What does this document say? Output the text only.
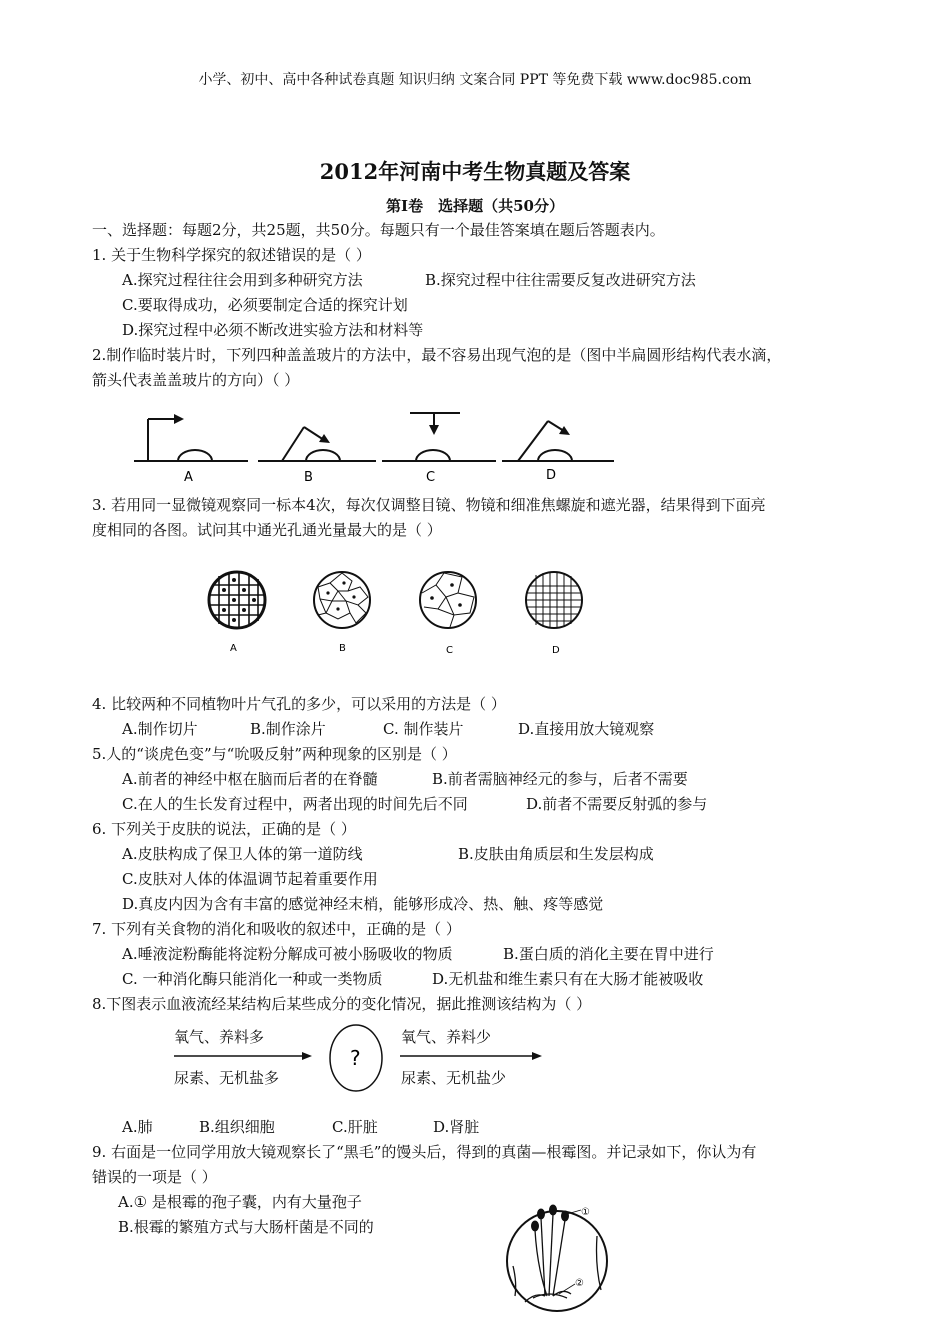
小学、初中、高中各种试卷真题 知识归纳 文案合同 PPT 等免费下载 www.doc985.com
2012年河南中考生物真题及答案
第Ⅰ卷　选择题（共50分）
一、选择题：每题2分，共25题，共50分。每题只有一个最佳答案填在题后答题表内。
1. 关于生物科学探究的叙述错误的是（ ）
A.探究过程往往会用到多种研究方法	B.探究过程中往往需要反复改进研究方法
C.要取得成功，必须要制定合适的探究计划
D.探究过程中必须不断改进实验方法和材料等
2.制作临时装片时，下列四种盖盖玻片的方法中，最不容易出现气泡的是（图中半扁圆形结构代表水滴，
箭头代表盖盖玻片的方向）（ ）
A	B	C	D
3. 若用同一显微镜观察同一标本4次，每次仅调整目镜、物镜和细准焦螺旋和遮光器，结果得到下面亮
度相同的各图。试问其中通光孔通光量最大的是（ ）
A	B	C	D
4. 比较两种不同植物叶片气孔的多少，可以采用的方法是（ ）
A.制作切片	B.制作涂片	C. 制作装片	D.直接用放大镜观察
5.人的“谈虎色变”与“吮吸反射”两种现象的区别是（ ）
A.前者的神经中枢在脑而后者的在脊髓	B.前者需脑神经元的参与，后者不需要
C.在人的生长发育过程中，两者出现的时间先后不同	D.前者不需要反射弧的参与
6. 下列关于皮肤的说法，正确的是（ ）
A.皮肤构成了保卫人体的第一道防线	B.皮肤由角质层和生发层构成
C.皮肤对人体的体温调节起着重要作用
D.真皮内因为含有丰富的感觉神经末梢，能够形成冷、热、触、疼等感觉
7. 下列有关食物的消化和吸收的叙述中，正确的是（ ）
A.唾液淀粉酶能将淀粉分解成可被小肠吸收的物质	B.蛋白质的消化主要在胃中进行
C. 一种消化酶只能消化一种或一类物质	D.无机盐和维生素只有在大肠才能被吸收
8.下图表示血液流经某结构后某些成分的变化情况，据此推测该结构为（ ）
氧气、养料多
尿素、无机盐多
氧气、养料少
尿素、无机盐少
?
A.肺	B.组织细胞	C.肝脏	D.肾脏
9. 右面是一位同学用放大镜观察长了“黑毛”的馒头后，得到的真菌—根霉图。并记录如下，你认为有
错误的一项是（ ）
A.① 是根霉的孢子囊，内有大量孢子
B.根霉的繁殖方式与大肠杆菌是不同的
①
②
